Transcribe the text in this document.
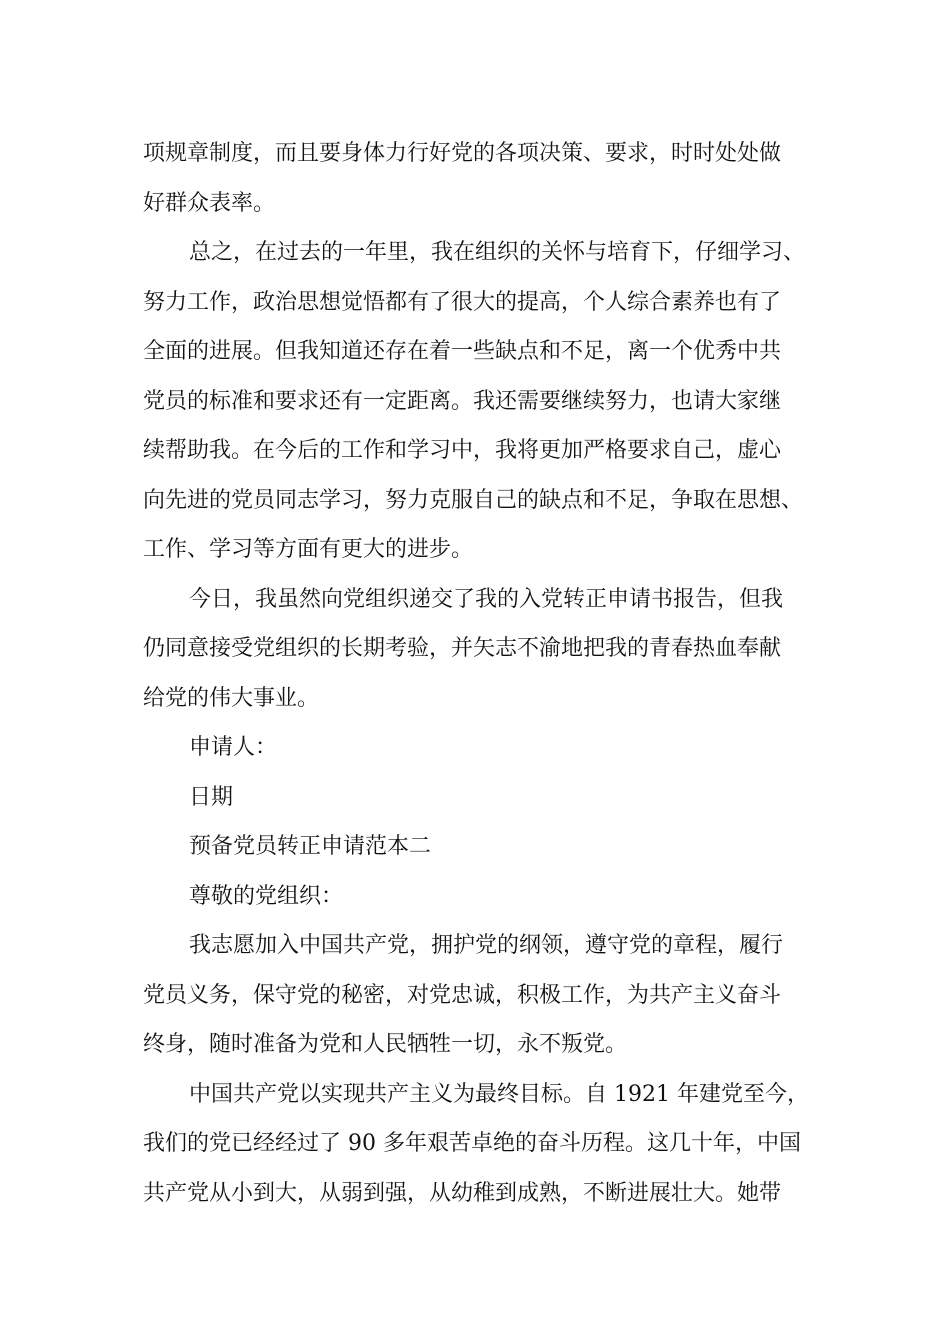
项规章制度，而且要身体力行好党的各项决策、要求，时时处处做
好群众表率。
总之，在过去的一年里，我在组织的关怀与培育下，仔细学习、
努力工作，政治思想觉悟都有了很大的提高，个人综合素养也有了
全面的进展。但我知道还存在着一些缺点和不足，离一个优秀中共
党员的标准和要求还有一定距离。我还需要继续努力，也请大家继
续帮助我。在今后的工作和学习中，我将更加严格要求自己，虚心
向先进的党员同志学习，努力克服自己的缺点和不足，争取在思想、
工作、学习等方面有更大的进步。
今日，我虽然向党组织递交了我的入党转正申请书报告，但我
仍同意接受党组织的长期考验，并矢志不渝地把我的青春热血奉献
给党的伟大事业。
申请人：
日期
预备党员转正申请范本二
尊敬的党组织：
我志愿加入中国共产党，拥护党的纲领，遵守党的章程，履行
党员义务，保守党的秘密，对党忠诚，积极工作，为共产主义奋斗
终身，随时准备为党和人民牺牲一切，永不叛党。
中国共产党以实现共产主义为最终目标。自 1921 年建党至今，
我们的党已经经过了 90 多年艰苦卓绝的奋斗历程。这几十年，中国
共产党从小到大，从弱到强，从幼稚到成熟，不断进展壮大。她带
